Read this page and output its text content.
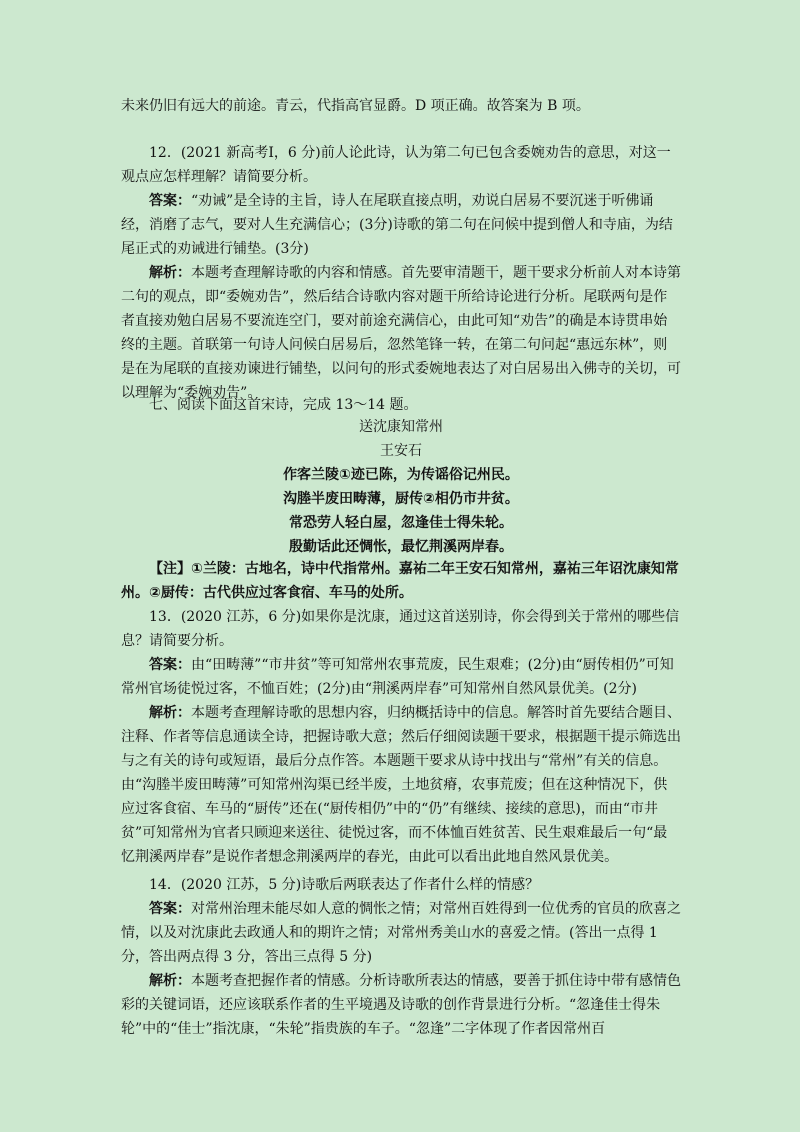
未来仍旧有远大的前途。青云，代指高官显爵。D 项正确。故答案为 B 项。

12．(2021 新高考Ⅰ，6 分)前人论此诗，认为第二句已包含委婉劝告的意思，对这一观点应怎样理解？请简要分析。

答案：“劝诫”是全诗的主旨，诗人在尾联直接点明，劝说白居易不要沉迷于听佛诵经，消磨了志气，要对人生充满信心；(3分)诗歌的第二句在问候中提到僧人和寺庙，为结尾正式的劝诫进行铺垫。(3分)

解析：本题考查理解诗歌的内容和情感。首先要审清题干，题干要求分析前人对本诗第二句的观点，即“委婉劝告”，然后结合诗歌内容对题干所给诗论进行分析。尾联两句是作者直接劝勉白居易不要流连空门，要对前途充满信心，由此可知“劝告”的确是本诗贯串始终的主题。首联第一句诗人问候白居易后，忽然笔锋一转，在第二句问起“惠远东林”，则是在为尾联的直接劝谏进行铺垫，以问句的形式委婉地表达了对白居易出入佛寺的关切，可以理解为“委婉劝告”。

七、阅读下面这首宋诗，完成 13～14 题。

送沈康知常州
王安石
作客兰陵①迹已陈，为传谣俗记州民。
沟塍半废田畴薄，厨传②相仍市井贫。
常恐劳人轻白屋，忽逢佳士得朱轮。
殷勤话此还惆怅，最忆荆溪两岸春。

【注】①兰陵：古地名，诗中代指常州。嘉祐二年王安石知常州，嘉祐三年诏沈康知常州。②厨传：古代供应过客食宿、车马的处所。

13．(2020 江苏，6 分)如果你是沈康，通过这首送别诗，你会得到关于常州的哪些信息？请简要分析。

答案：由“田畴薄”“市井贫”等可知常州农事荒废，民生艰难；(2分)由“厨传相仍”可知常州官场徒悦过客，不恤百姓；(2分)由“荆溪两岸春”可知常州自然风景优美。(2分)

解析：本题考查理解诗歌的思想内容，归纳概括诗中的信息。解答时首先要结合题目、注释、作者等信息通读全诗，把握诗歌大意；然后仔细阅读题干要求，根据题干提示筛选出与之有关的诗句或短语，最后分点作答。本题题干要求从诗中找出与“常州”有关的信息。由“沟塍半废田畴薄”可知常州沟渠已经半废，土地贫瘠，农事荒废；但在这种情况下，供应过客食宿、车马的“厨传”还在(“厨传相仍”中的“仍”有继续、接续的意思)，而由“市井贫”可知常州为官者只顾迎来送往、徒悦过客，而不体恤百姓贫苦、民生艰难最后一句“最忆荆溪两岸春”是说作者想念荆溪两岸的春光，由此可以看出此地自然风景优美。

14．(2020 江苏，5 分)诗歌后两联表达了作者什么样的情感？

答案：对常州治理未能尽如人意的惆怅之情；对常州百姓得到一位优秀的官员的欣喜之情，以及对沈康此去政通人和的期许之情；对常州秀美山水的喜爱之情。(答出一点得 1 分，答出两点得 3 分，答出三点得 5 分)

解析：本题考查把握作者的情感。分析诗歌所表达的情感，要善于抓住诗中带有感情色彩的关键词语，还应该联系作者的生平境遇及诗歌的创作背景进行分析。“忽逢佳士得朱轮”中的“佳士”指沈康，“朱轮”指贵族的车子。“忽逢”二字体现了作者因常州百
